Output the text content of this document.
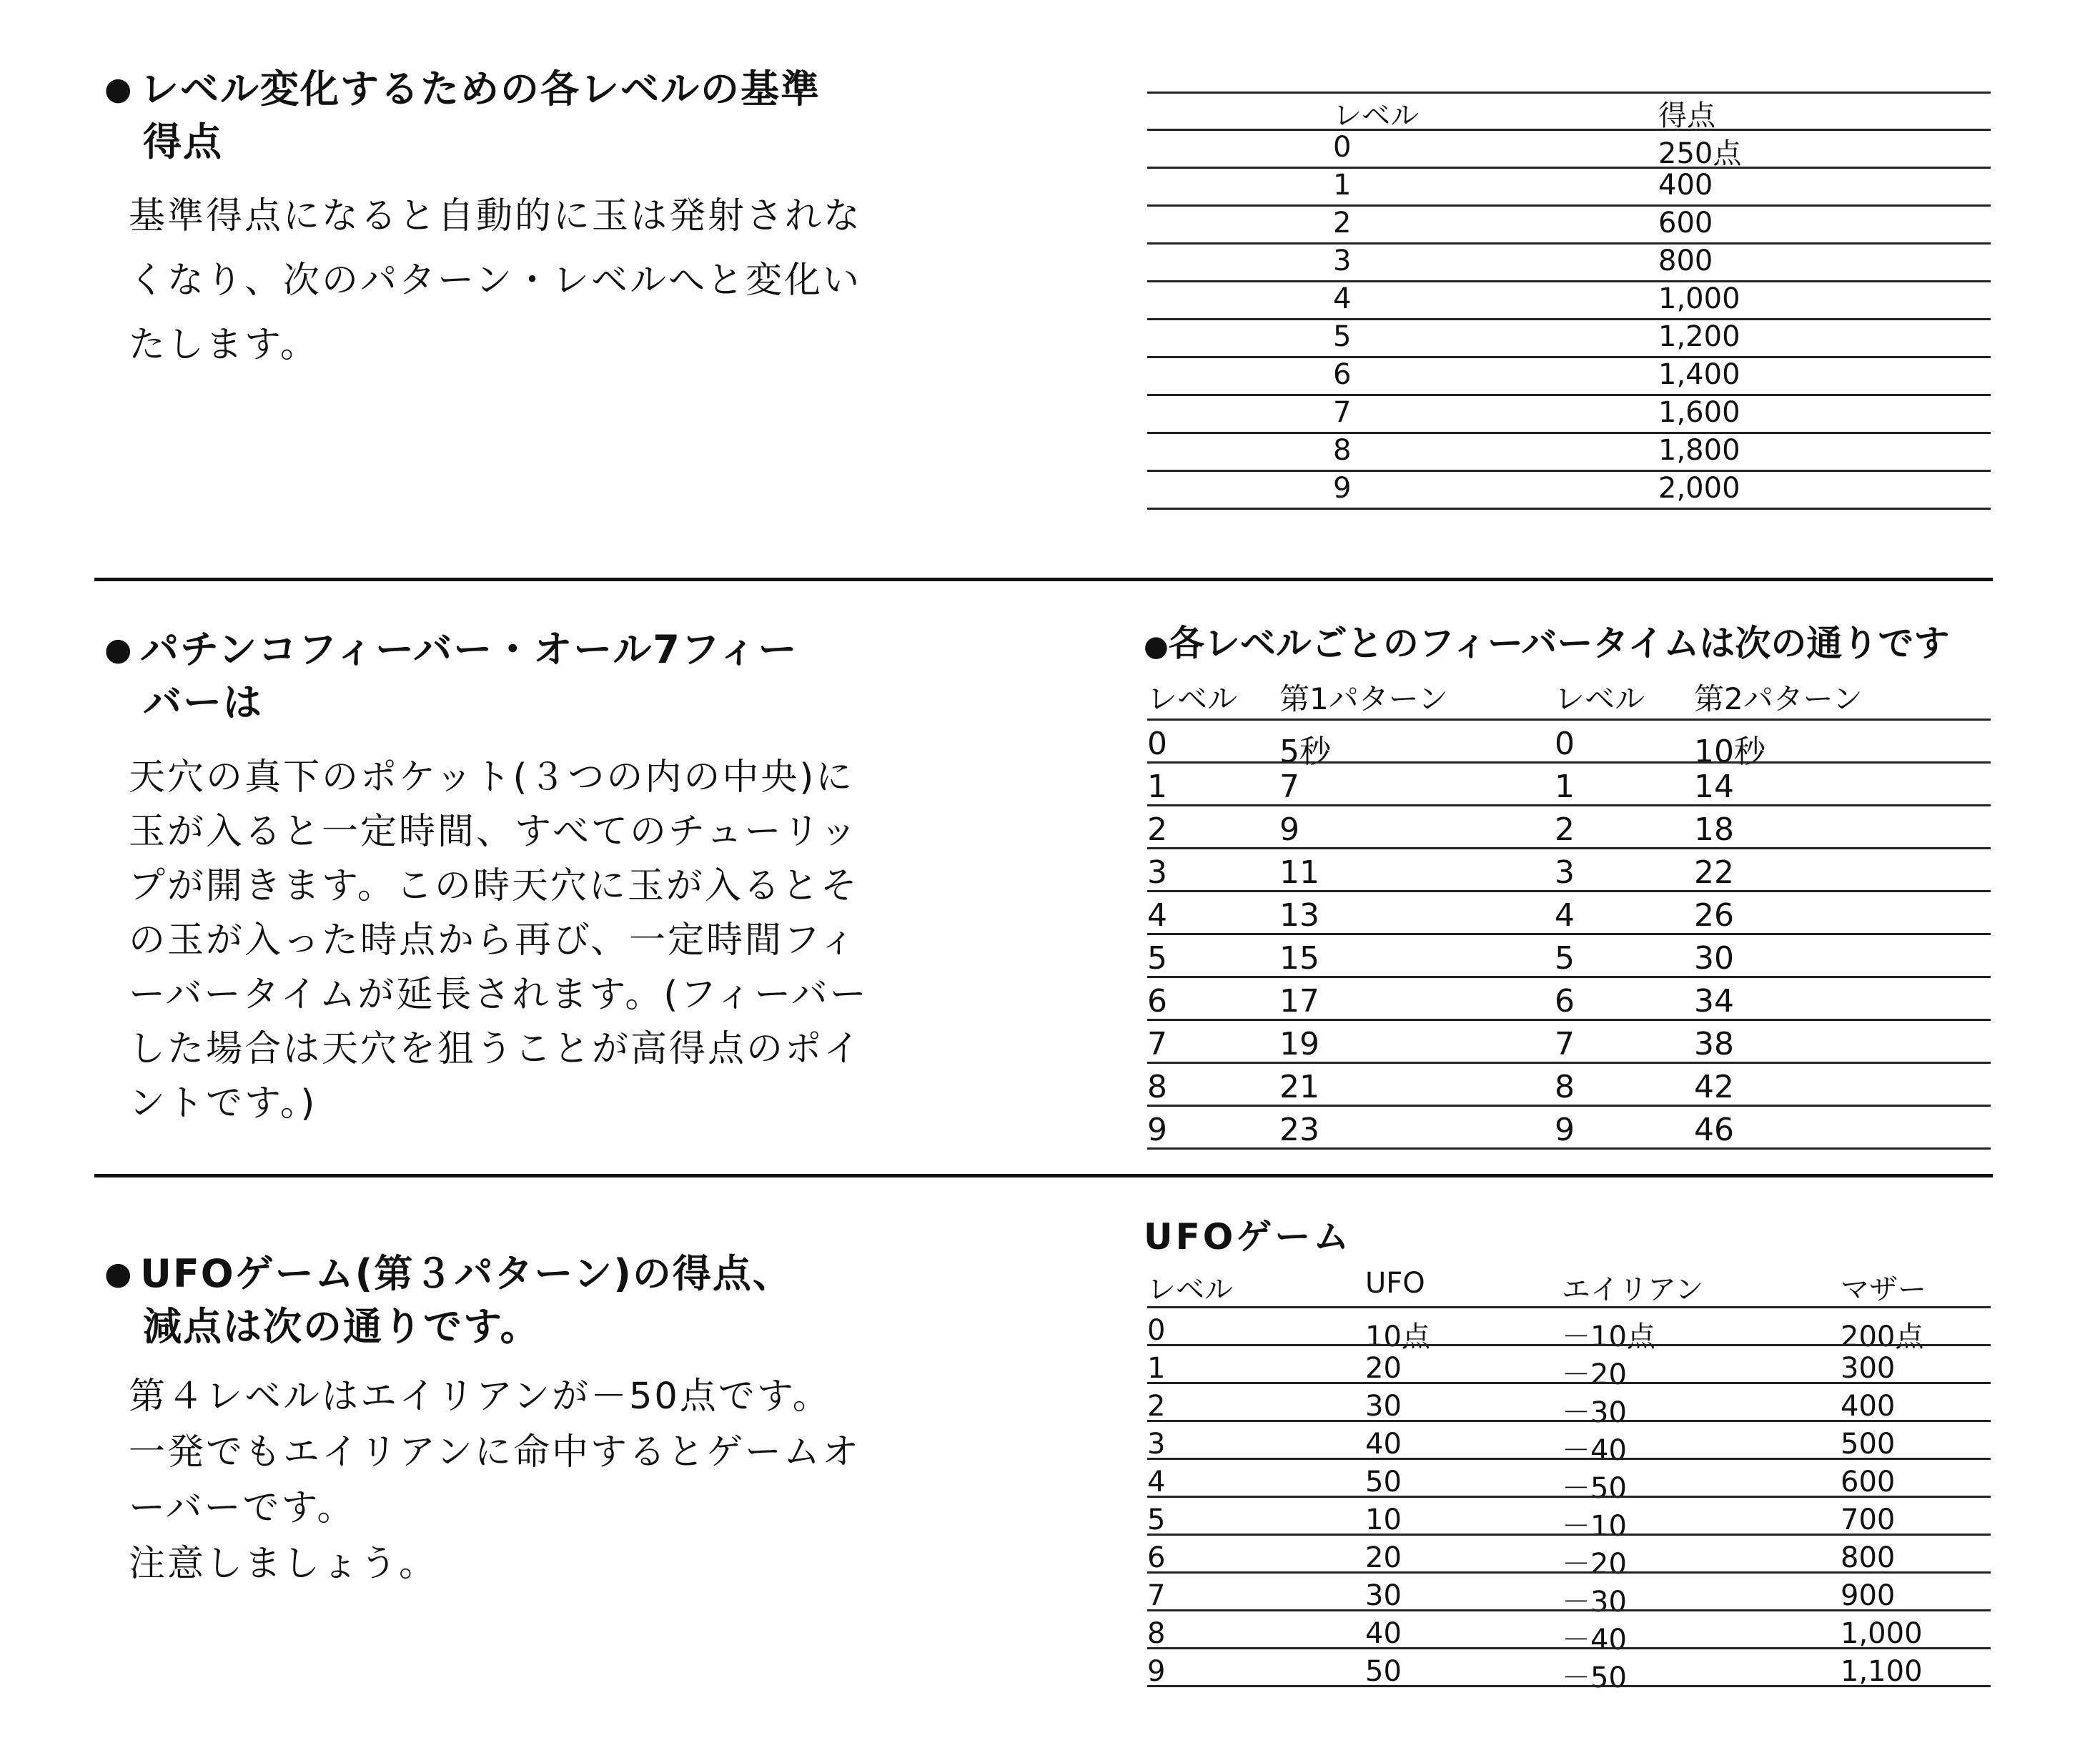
● レベル変化するための各レベルの基準
得点
基準得点になると自動的に玉は発射されな
くなり、次のパターン・レベルへと変化い
たします。
レベル	得点
0	250点
1	400
2	600
3	800
4	1,000
5	1,200
6	1,400
7	1,600
8	1,800
9	2,000
● パチンコフィーバー・オール7フィー
バーは
天穴の真下のポケット(３つの内の中央)に
玉が入ると一定時間、すべてのチューリッ
プが開きます。この時天穴に玉が入るとそ
の玉が入った時点から再び、一定時間フィ
ーバータイムが延長されます。(フィーバー
した場合は天穴を狙うことが高得点のポイ
ントです。)
●各レベルごとのフィーバータイムは次の通りです
レベル 第1パターン	レベル 第2パターン
0	5秒	0	10秒
1	7	1	14
2	9	2	18
3	11	3	22
4	13	4	26
5	15	5	30
6	17	6	34
7	19	7	38
8	21	8	42
9	23	9	46
● UFOゲーム(第３パターン)の得点、
減点は次の通りです。
第４レベルはエイリアンが－50点です。
一発でもエイリアンに命中するとゲームオ
ーバーです。
注意しましょう。
UFOゲーム
レベル	UFO	エイリアン	マザー
0	10点	－10点	200点
1	20	－20	300
2	30	－30	400
3	40	－40	500
4	50	－50	600
5	10	－10	700
6	20	－20	800
7	30	－30	900
8	40	－40	1,000
9	50	－50	1,100
